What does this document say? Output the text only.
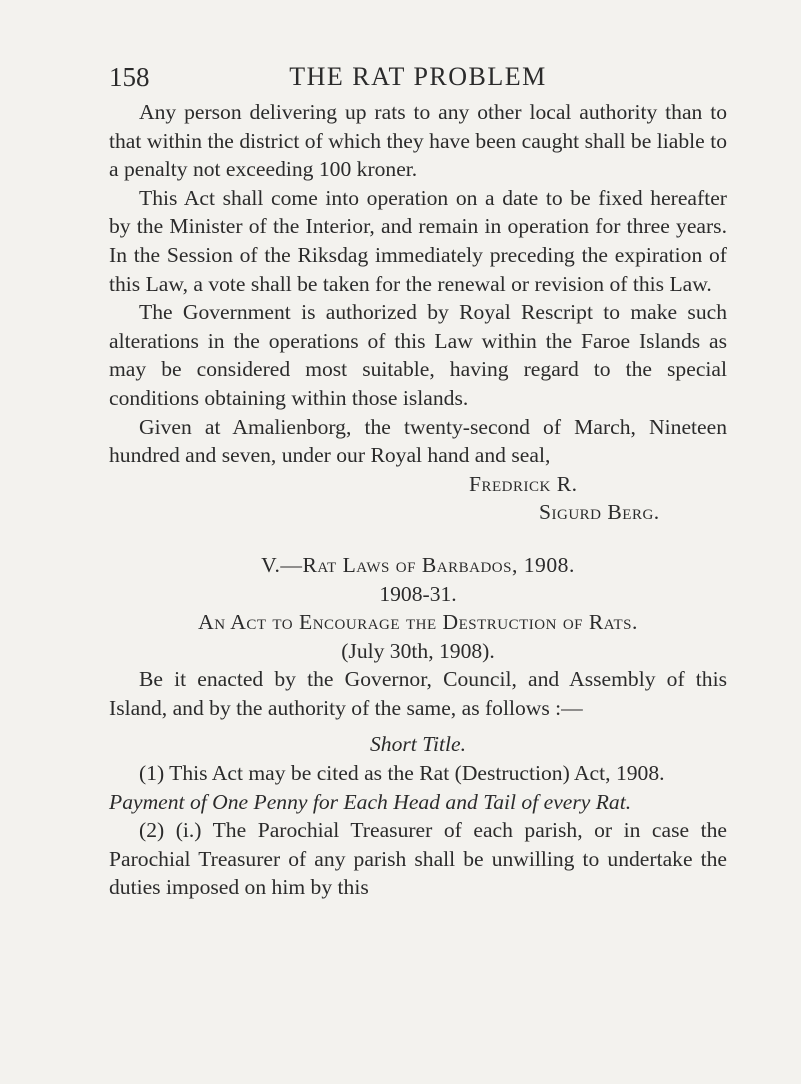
158	THE RAT PROBLEM
Any person delivering up rats to any other local authority than to that within the district of which they have been caught shall be liable to a penalty not exceeding 100 kroner.
This Act shall come into operation on a date to be fixed hereafter by the Minister of the Interior, and remain in operation for three years. In the Session of the Riksdag immediately preceding the expiration of this Law, a vote shall be taken for the renewal or revision of this Law.
The Government is authorized by Royal Rescript to make such alterations in the operations of this Law within the Faroe Islands as may be considered most suitable, having regard to the special conditions obtaining within those islands.
Given at Amalienborg, the twenty-second of March, Nineteen hundred and seven, under our Royal hand and seal,
Fredrick R.
Sigurd Berg.
V.—Rat Laws of Barbados, 1908.
1908-31.
An Act to Encourage the Destruction of Rats.
(July 30th, 1908).
Be it enacted by the Governor, Council, and Assembly of this Island, and by the authority of the same, as follows :—
Short Title.
(1) This Act may be cited as the Rat (Destruction) Act, 1908.
Payment of One Penny for Each Head and Tail of every Rat.
(2) (i.) The Parochial Treasurer of each parish, or in case the Parochial Treasurer of any parish shall be unwilling to undertake the duties imposed on him by this
